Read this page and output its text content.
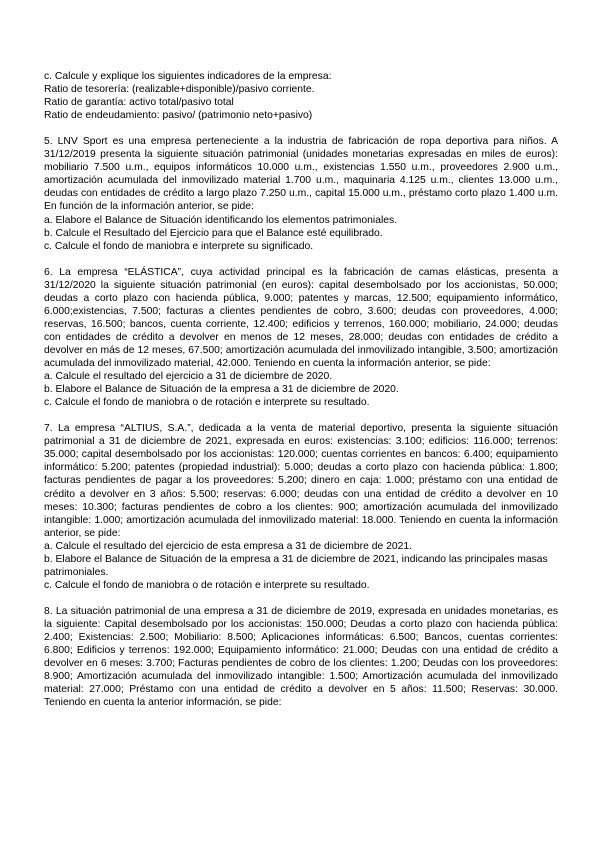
c. Calcule y explique los siguientes indicadores de la empresa:
Ratio de tesorería: (realizable+disponible)/pasivo corriente.
Ratio de garantía: activo total/pasivo total
Ratio de endeudamiento: pasivo/ (patrimonio neto+pasivo)
5. LNV Sport es una empresa perteneciente a la industria de fabricación de ropa deportiva para niños. A 31/12/2019 presenta la siguiente situación patrimonial (unidades monetarias expresadas en miles de euros): mobiliario 7.500 u.m., equipos informáticos 10.000 u.m., existencias 1.550 u.m., proveedores 2.900 u.m., amortización acumulada del inmovilizado material 1.700 u.m., maquinaria 4.125 u.m., clientes 13.000 u.m., deudas con entidades de crédito a largo plazo 7.250 u.m., capital 15.000 u.m., préstamo corto plazo 1.400 u.m. En función de la información anterior, se pide:
a. Elabore el Balance de Situación identificando los elementos patrimoniales.
b. Calcule el Resultado del Ejercicio para que el Balance esté equilibrado.
c. Calcule el fondo de maniobra e interprete su significado.
6. La empresa “ELÁSTICA”, cuya actividad principal es la fabricación de camas elásticas, presenta a 31/12/2020 la siguiente situación patrimonial (en euros): capital desembolsado por los accionistas, 50.000; deudas a corto plazo con hacienda pública, 9.000; patentes y marcas, 12.500; equipamiento informático, 6.000;existencias, 7.500; facturas a clientes pendientes de cobro, 3.600; deudas con proveedores, 4.000; reservas, 16.500; bancos, cuenta corriente, 12.400; edificios y terrenos, 160.000; mobiliario, 24.000; deudas con entidades de crédito a devolver en menos de 12 meses, 28.000; deudas con entidades de crédito a devolver en más de 12 meses, 67.500; amortización acumulada del inmovilizado intangible, 3.500; amortización acumulada del inmovilizado material, 42.000. Teniendo en cuenta la información anterior, se pide:
a. Calcule el resultado del ejercicio a 31 de diciembre de 2020.
b. Elabore el Balance de Situación de la empresa a 31 de diciembre de 2020.
c. Calcule el fondo de maniobra o de rotación e interprete su resultado.
7. La empresa “ALTIUS, S.A.”, dedicada a la venta de material deportivo, presenta la siguiente situación patrimonial a 31 de diciembre de 2021, expresada en euros: existencias: 3.100; edificios: 116.000; terrenos: 35.000; capital desembolsado por los accionistas: 120.000; cuentas corrientes en bancos: 6.400; equipamiento informático: 5.200; patentes (propiedad industrial): 5.000; deudas a corto plazo con hacienda pública: 1.800; facturas pendientes de pagar a los proveedores: 5.200; dinero en caja: 1.000; préstamo con una entidad de crédito a devolver en 3 años: 5.500; reservas: 6.000; deudas con una entidad de crédito a devolver en 10 meses: 10.300; facturas pendientes de cobro a los clientes: 900; amortización acumulada del inmovilizado intangible: 1.000; amortización acumulada del inmovilizado material: 18.000. Teniendo en cuenta la información anterior, se pide:
a. Calcule el resultado del ejercicio de esta empresa a 31 de diciembre de 2021.
b. Elabore el Balance de Situación de la empresa a 31 de diciembre de 2021, indicando las principales masas patrimoniales.
c. Calcule el fondo de maniobra o de rotación e interprete su resultado.
8. La situación patrimonial de una empresa a 31 de diciembre de 2019, expresada en unidades monetarias, es la siguiente: Capital desembolsado por los accionistas: 150.000; Deudas a corto plazo con hacienda pública: 2.400; Existencias: 2.500; Mobiliario: 8.500; Aplicaciones informáticas: 6.500; Bancos, cuentas corrientes: 6.800; Edificios y terrenos: 192.000; Equipamiento informático: 21.000; Deudas con una entidad de crédito a devolver en 6 meses: 3.700; Facturas pendientes de cobro de los clientes: 1.200; Deudas con los proveedores: 8.900; Amortización acumulada del inmovilizado intangible: 1.500; Amortización acumulada del inmovilizado material: 27.000; Préstamo con una entidad de crédito a devolver en 5 años: 11.500; Reservas: 30.000. Teniendo en cuenta la anterior información, se pide:
